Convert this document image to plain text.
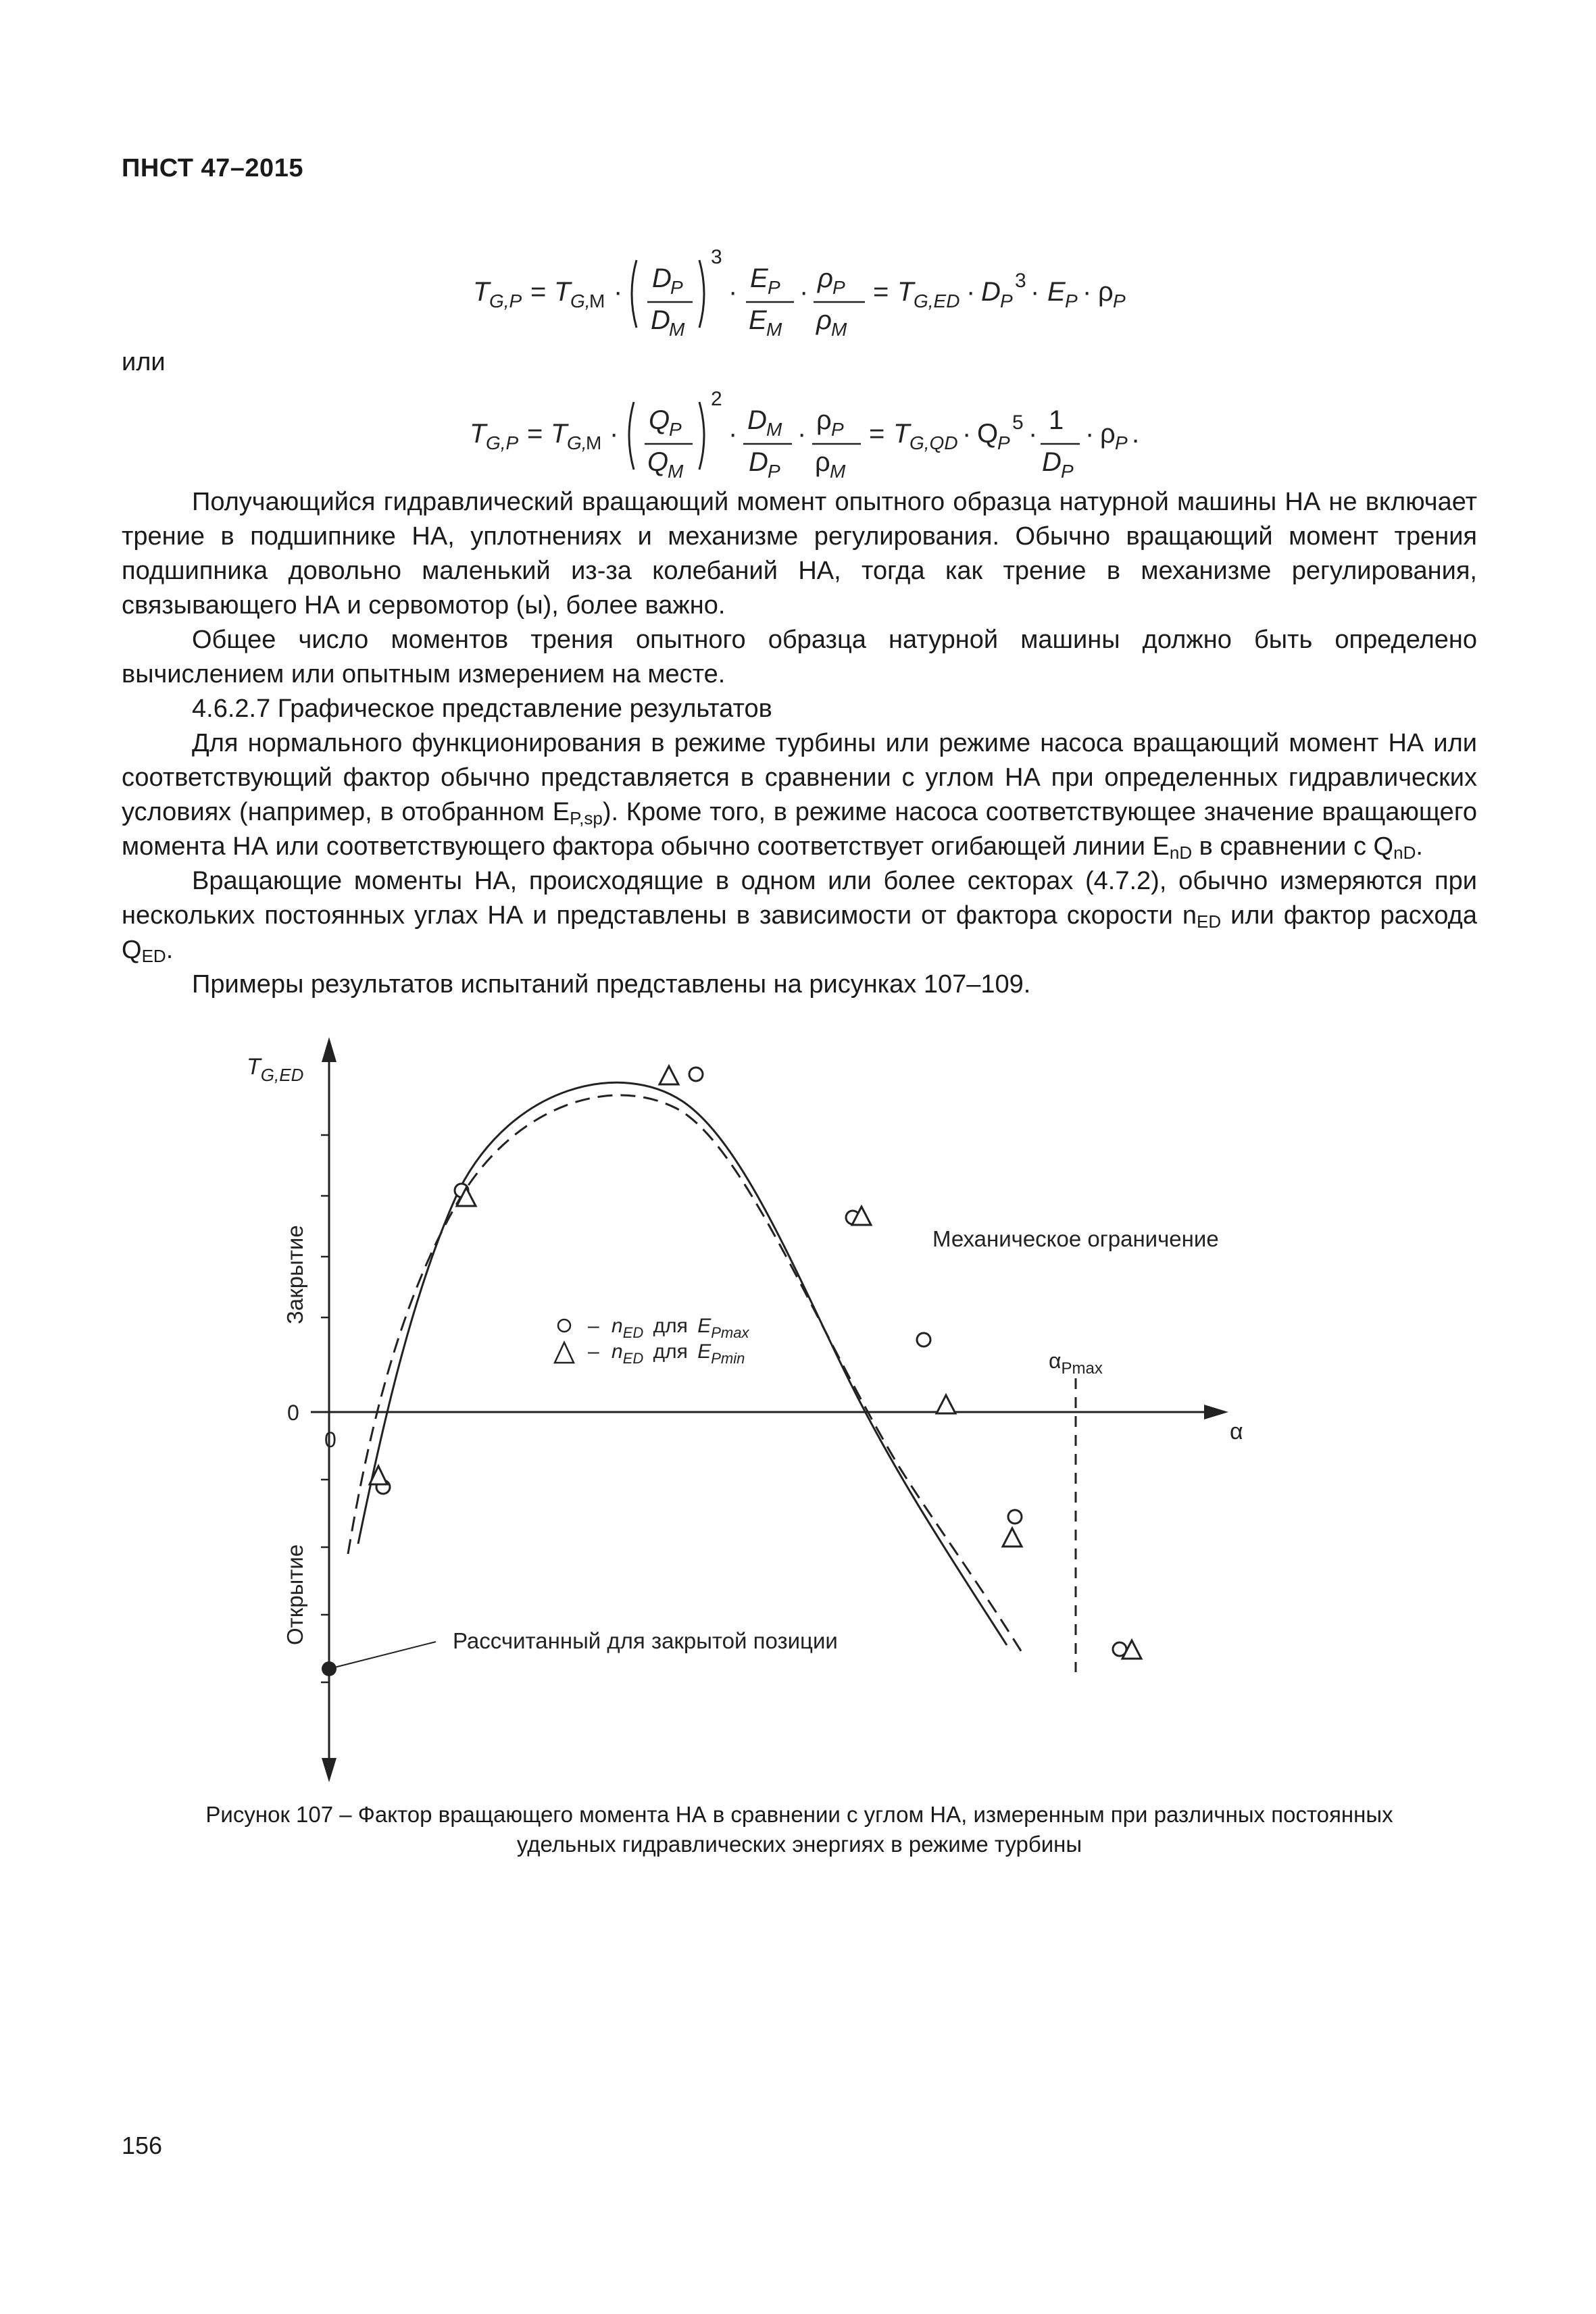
ПНСТ 47–2015
T G,P = T G,
M · D
P
D
M
3
· E P
E M
· ρ P
ρ M
= T G,ED · D P
3 · E P · ρ P
или
T G,P = T G,
M · Q
P
Q
M
2
· D M
D P
· ρ P
ρ M
= T G,QD · Q
P
5 · 1
D P
· ρ P .

Получающийся гидравлический вращающий момент опытного образца натурной машины НА не включает трение в подшипнике НА, уплотнениях и механизме регулирования. Обычно вращающий момент трения подшипника довольно маленький из-за колебаний НА, тогда как трение в механизме регулирования, связывающего НА и сервомотор (ы), более важно.

Общее число моментов трения опытного образца натурной машины должно быть определено вычислением или опытным измерением на месте.

4.6.2.7 Графическое представление результатов

Для нормального функционирования в режиме турбины или режиме насоса вращающий момент НА или соответствующий фактор обычно представляется в сравнении с углом НА при определенных гидравлических условиях (например, в отобранном $E_{P,sp}$). Кроме того, в режиме насоса соответствующее значение вращающего момента НА или соответствующего фактора обычно соответствует огибающей линии $E_{nD}$ в сравнении с $Q_{nD}$.

Вращающие моменты НА, происходящие в одном или более секторах (4.7.2), обычно измеряются при нескольких постоянных углах НА и представлены в зависимости от фактора скорости $n_{ED}$ или фактор расхода $Q_{ED}$.

Примеры результатов испытаний представлены на рисунках 107–109.

$T_{G,ED}$
α
0
0
Закрытие
Открытие
Механическое ограничение
$\alpha_{Pmax}$
– $n_{ED}$ для $E_{Pmax}$
– $n_{ED}$ для $E_{Pmin}$
Рассчитанный для закрытой позиции
Рисунок 107 – Фактор вращающего момента НА в сравнении с углом НА, измеренным при различных постоянных
удельных гидравлических энергиях в режиме турбины
156
